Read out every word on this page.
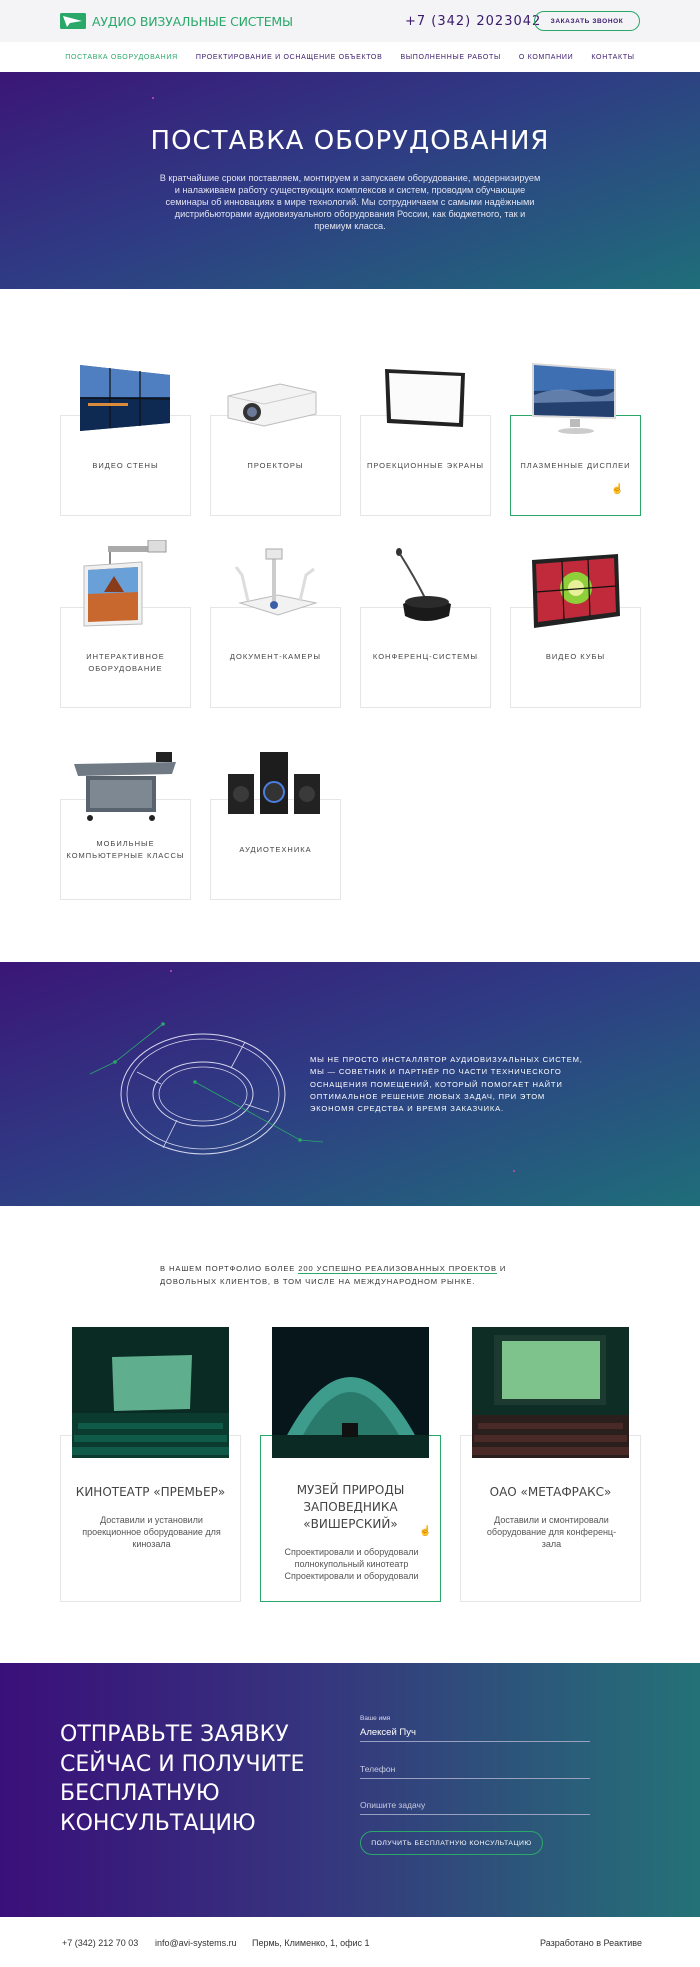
АУДИО ВИЗУАЛЬНЫЕ СИСТЕМЫ	+7 (342) 2023042	ЗАКАЗАТЬ ЗВОНОК
ПОСТАВКА ОБОРУДОВАНИЯ	ПРОЕКТИРОВАНИЕ И ОСНАЩЕНИЕ ОБЪЕКТОВ	ВЫПОЛНЕННЫЕ РАБОТЫ	О КОМПАНИИ	КОНТАКТЫ
ПОСТАВКА ОБОРУДОВАНИЯ

В кратчайшие сроки поставляем, монтируем и запускаем оборудование, модернизируем и налаживаем работу существующих комплексов и систем, проводим обучающие семинары об инновациях в мире технологий. Мы сотрудничаем с самыми надёжными дистрибьюторами аудиовизуального оборудования России, как бюджетного, так и премиум класса.

ВИДЕО СТЕНЫ	ПРОЕКТОРЫ	ПРОЕКЦИОННЫЕ ЭКРАНЫ	ПЛАЗМЕННЫЕ ДИСПЛЕИ
☝
ИНТЕРАКТИВНОЕ ОБОРУДОВАНИЕ
ДОКУМЕНТ-КАМЕРЫ	КОНФЕРЕНЦ-СИСТЕМЫ	ВИДЕО КУБЫ
МОБИЛЬНЫЕ КОМПЬЮТЕРНЫЕ КЛАССЫ
АУДИОТЕХНИКА

МЫ НЕ ПРОСТО ИНСТАЛЛЯТОР АУДИОВИЗУАЛЬНЫХ СИСТЕМ, МЫ — СОВЕТНИК И ПАРТНЁР ПО ЧАСТИ ТЕХНИЧЕСКОГО ОСНАЩЕНИЯ ПОМЕЩЕНИЙ, КОТОРЫЙ ПОМОГАЕТ НАЙТИ ОПТИМАЛЬНОЕ РЕШЕНИЕ ЛЮБЫХ ЗАДАЧ, ПРИ ЭТОМ ЭКОНОМЯ СРЕДСТВА И ВРЕМЯ ЗАКАЗЧИКА.

В НАШЕМ ПОРТФОЛИО БОЛЕЕ 200 УСПЕШНО РЕАЛИЗОВАННЫХ ПРОЕКТОВ И ДОВОЛЬНЫХ КЛИЕНТОВ, В ТОМ ЧИСЛЕ НА МЕЖДУНАРОДНОМ РЫНКЕ.
КИНОТЕАТР «ПРЕМЬЕР»
Доставили и установили проекционное оборудование для кинозала
МУЗЕЙ ПРИРОДЫ ЗАПОВЕДНИКА «ВИШЕРСКИЙ»
Спроектировали и оборудовали полнокупольный кинотеатр Спроектировали и оборудовали
☝
ОАО «МЕТАФРАКС»
Доставили и смонтировали оборудование для конференц-зала
ОТПРАВЬТЕ ЗАЯВКУ СЕЙЧАС И ПОЛУЧИТЕ БЕСПЛАТНУЮ КОНСУЛЬТАЦИЮ
Ваше имя
Алексей Пуч
Телефон
Опишите задачу
ПОЛУЧИТЬ БЕСПЛАТНУЮ КОНСУЛЬТАЦИЮ
+7 (342) 212 70 03 info@avi-systems.ru Пермь, Клименко, 1, офис 1	Разработано в Реактиве
